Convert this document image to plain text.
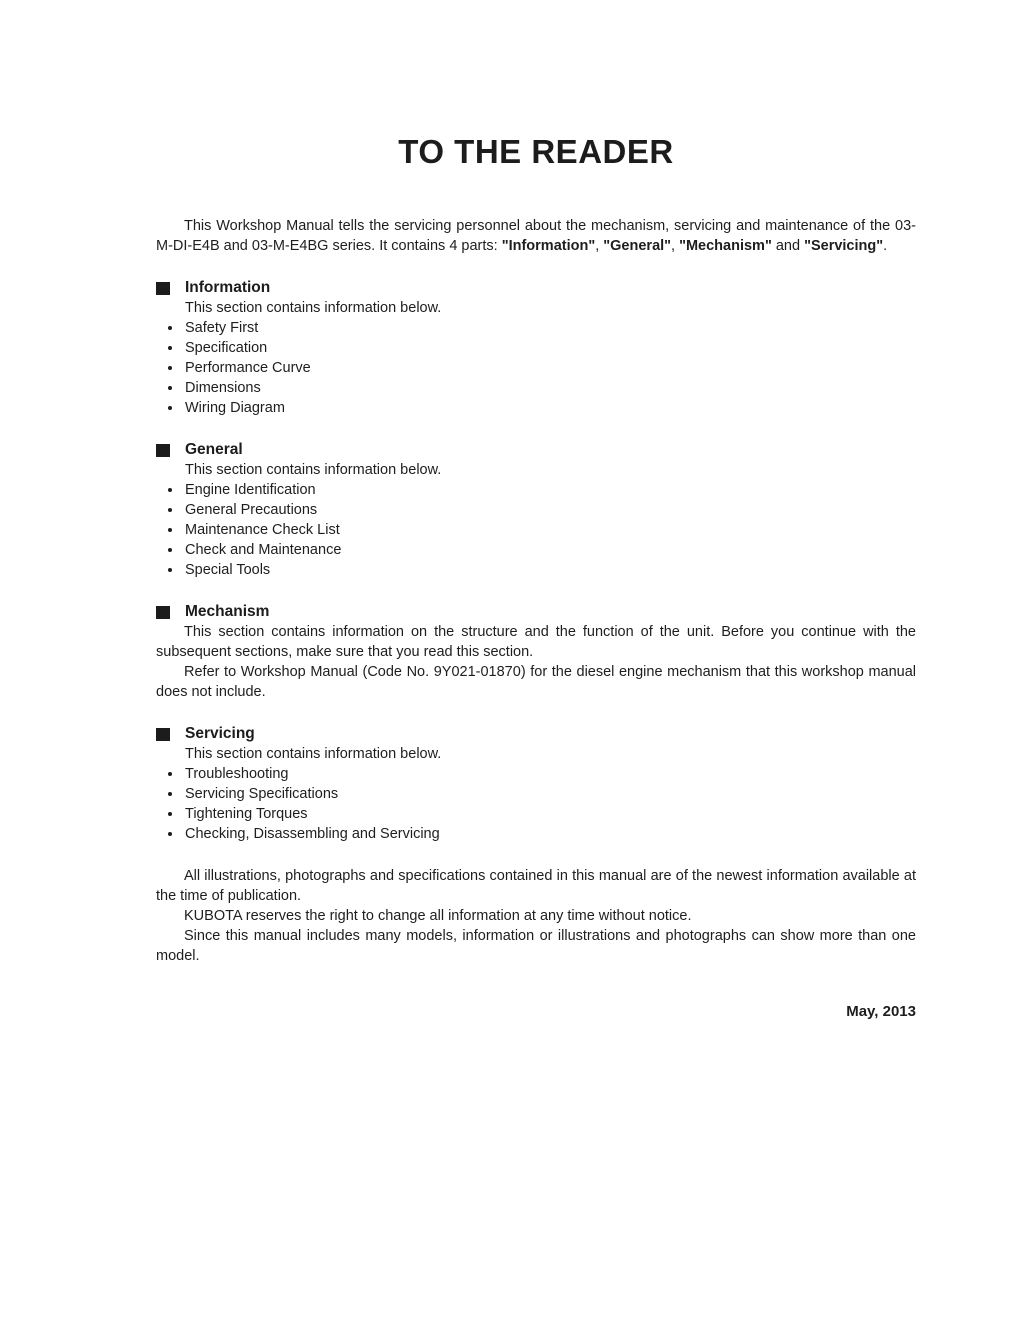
TO THE READER

This Workshop Manual tells the servicing personnel about the mechanism, servicing and maintenance of the 03-M-DI-E4B and 03-M-E4BG series. It contains 4 parts: "Information", "General", "Mechanism" and "Servicing".

Information

This section contains information below.

Safety First
Specification
Performance Curve
Dimensions
Wiring Diagram
General

This section contains information below.

Engine Identification
General Precautions
Maintenance Check List
Check and Maintenance
Special Tools
Mechanism

This section contains information on the structure and the function of the unit. Before you continue with the subsequent sections, make sure that you read this section.

Refer to Workshop Manual (Code No. 9Y021-01870) for the diesel engine mechanism that this workshop manual does not include.

Servicing

This section contains information below.

Troubleshooting
Servicing Specifications
Tightening Torques
Checking, Disassembling and Servicing

All illustrations, photographs and specifications contained in this manual are of the newest information available at the time of publication.

KUBOTA reserves the right to change all information at any time without notice.

Since this manual includes many models, information or illustrations and photographs can show more than one model.

May, 2013
